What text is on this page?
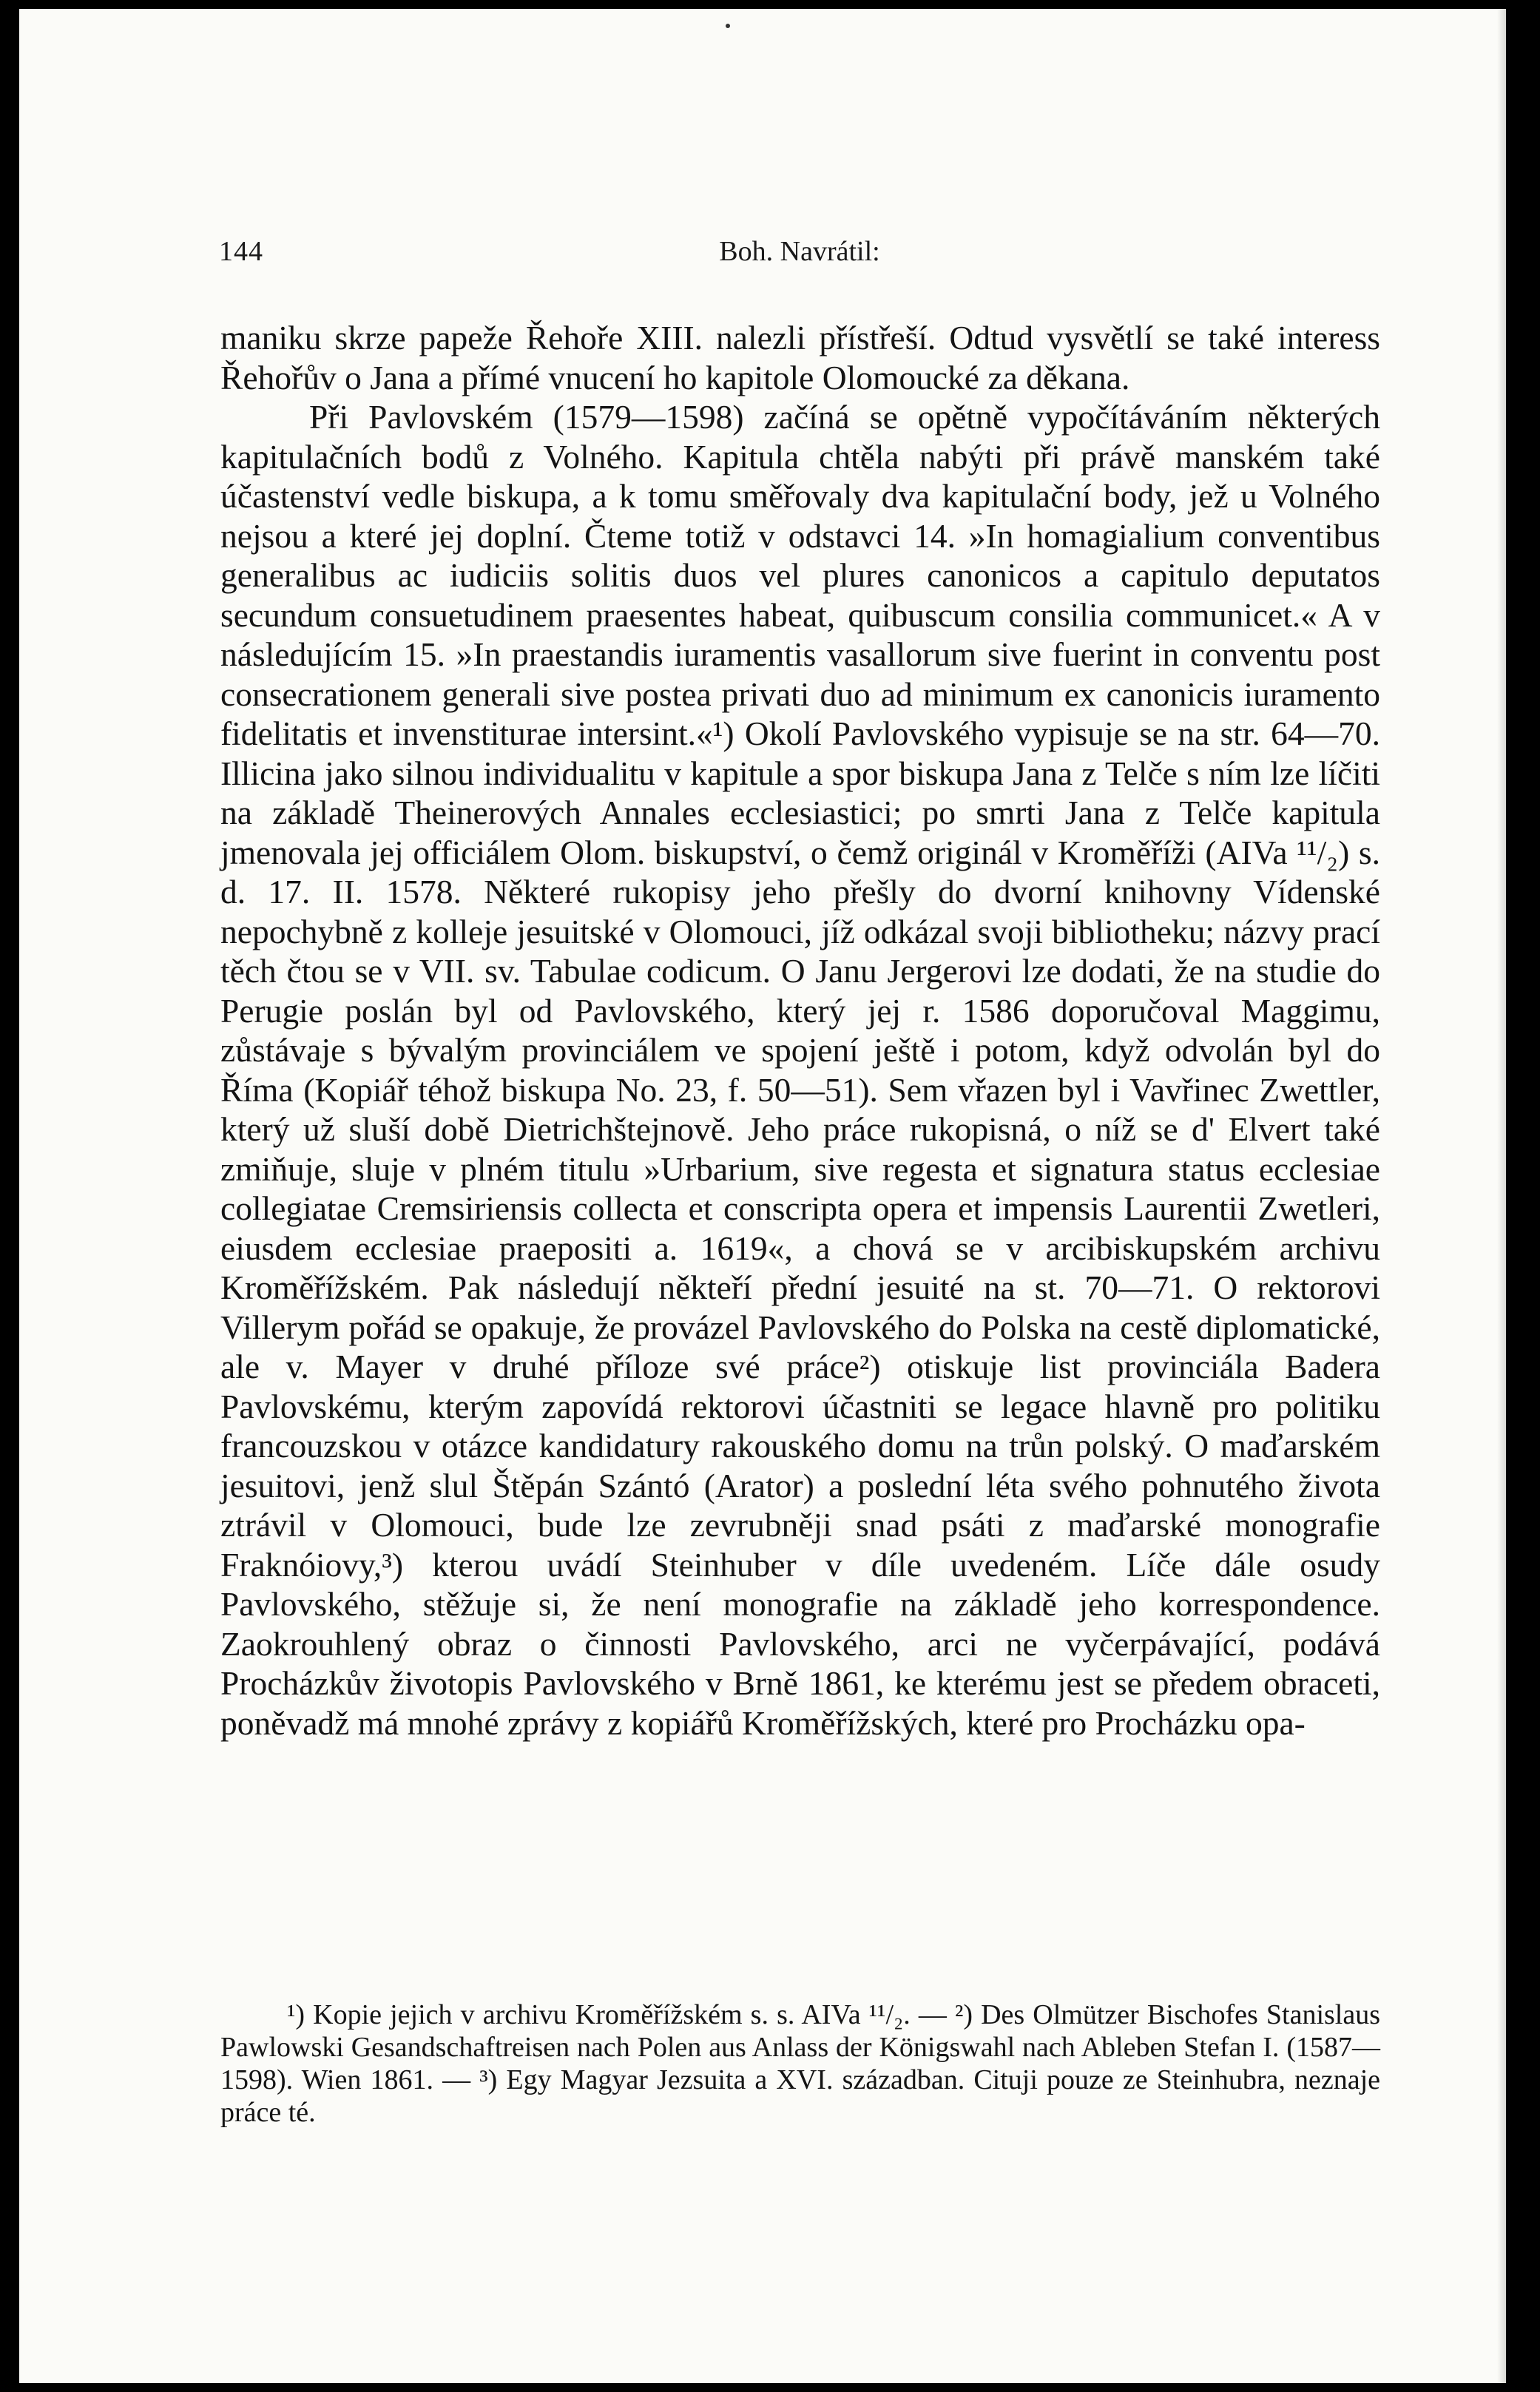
144	Boh. Navrátil:

maniku skrze papeže Řehoře XIII. nalezli přístřeší. Odtud vysvětlí se také interess Řehořův o Jana a přímé vnucení ho kapitole Olomoucké za děkana.

Při Pavlovském (1579—1598) začíná se opětně vypočítáváním některých kapitulačních bodů z Volného. Kapitula chtěla nabýti při právě manském také účastenství vedle biskupa, a k tomu směřovaly dva kapitulační body, jež u Volného nejsou a které jej doplní. Čteme totiž v odstavci 14. »In homagialium conventibus generalibus ac iudiciis solitis duos vel plures canonicos a capitulo deputatos secundum consuetudinem praesentes habeat, quibuscum consilia communicet.« A v následujícím 15. »In praestandis iuramentis vasallorum sive fuerint in conventu post consecrationem generali sive postea privati duo ad minimum ex canonicis iuramento fidelitatis et invenstiturae intersint.«¹) Okolí Pavlovského vypisuje se na str. 64—70. Illicina jako silnou individualitu v kapitule a spor biskupa Jana z Telče s ním lze líčiti na základě Theinerových Annales ecclesiastici; po smrti Jana z Telče kapitula jmenovala jej officiálem Olom. biskupství, o čemž originál v Kroměříži (AIVa ¹¹/₂) s. d. 17. II. 1578. Některé rukopisy jeho přešly do dvorní knihovny Vídenské nepochybně z kolleje jesuitské v Olomouci, jíž odkázal svoji bibliotheku; názvy prací těch čtou se v VII. sv. Tabulae codicum. O Janu Jergerovi lze dodati, že na studie do Perugie poslán byl od Pavlovského, který jej r. 1586 doporučoval Maggimu, zůstávaje s bývalým provinciálem ve spojení ještě i potom, když odvolán byl do Říma (Kopiář téhož biskupa No. 23, f. 50—51). Sem vřazen byl i Vavřinec Zwettler, který už sluší době Dietrichštejnově. Jeho práce rukopisná, o níž se d' Elvert také zmiňuje, sluje v plném titulu »Urbarium, sive regesta et signatura status ecclesiae collegiatae Cremsiriensis collecta et conscripta opera et impensis Laurentii Zwetleri, eiusdem ecclesiae praepositi a. 1619«, a chová se v arcibiskupském archivu Kroměřížském. Pak následují někteří přední jesuité na st. 70—71. O rektorovi Villerym pořád se opakuje, že provázel Pavlovského do Polska na cestě diplomatické, ale v. Mayer v druhé příloze své práce²) otiskuje list provinciála Badera Pavlovskému, kterým zapovídá rektorovi účastniti se legace hlavně pro politiku francouzskou v otázce kandidatury rakouského domu na trůn polský. O maďarském jesuitovi, jenž slul Štěpán Szántó (Arator) a poslední léta svého pohnutého života ztrávil v Olomouci, bude lze zevrubněji snad psáti z maďarské monografie Fraknóiovy,³) kterou uvádí Steinhuber v díle uvedeném. Líče dále osudy Pavlovského, stěžuje si, že není monografie na základě jeho korrespondence. Zaokrouhlený obraz o činnosti Pavlovského, arci ne vyčerpávající, podává Procházkův životopis Pavlovského v Brně 1861, ke kterému jest se předem obraceti, poněvadž má mnohé zprávy z kopiářů Kroměřížských, které pro Procházku opa-

¹) Kopie jejich v archivu Kroměřížském s. s. AIVa ¹¹/₂. — ²) Des Olmützer Bischofes Stanislaus Pawlowski Gesandschaftreisen nach Polen aus Anlass der Königswahl nach Ableben Stefan I. (1587—1598). Wien 1861. — ³) Egy Magyar Jezsuita a XVI. században. Cituji pouze ze Steinhubra, neznaje práce té.
